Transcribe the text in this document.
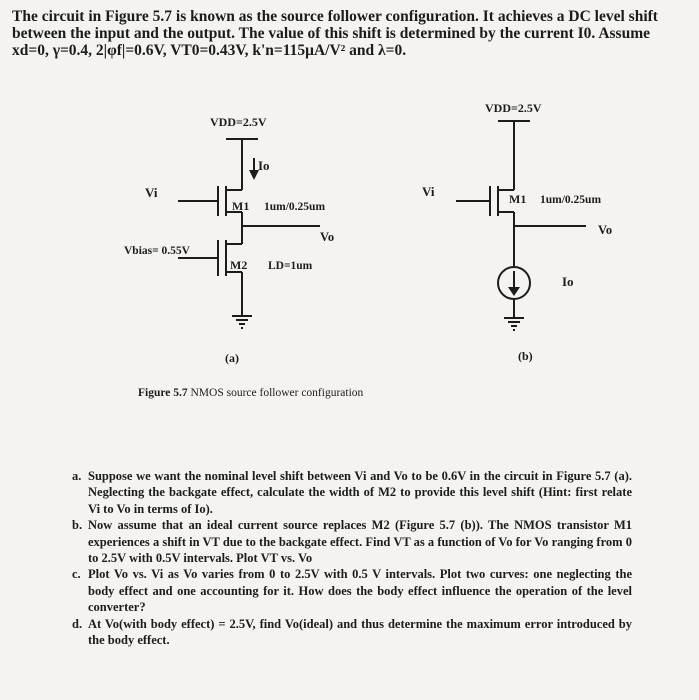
The circuit in Figure 5.7 is known as the source follower configuration. It achieves a DC level shift between the input and the output. The value of this shift is determined by the current I0. Assume xd=0, γ=0.4, 2|φf|=0.6V, VT0=0.43V, k'n=115μA/V² and λ=0.
VDD=2.5V
Io
Vi
M1 1um/0.25um
Vo
Vbias= 0.55V
M2 LD=1um
(a)
VDD=2.5V
Vi	M1 1um/0.25um
Vo
Io
(b)
Figure 5.7 NMOS source follower configuration
a. Suppose we want the nominal level shift between Vi and Vo to be 0.6V in the circuit in Figure 5.7 (a). Neglecting the backgate effect, calculate the width of M2 to provide this level shift (Hint: first relate Vi to Vo in terms of Io).
b. Now assume that an ideal current source replaces M2 (Figure 5.7 (b)). The NMOS transistor M1 experiences a shift in VT due to the backgate effect. Find VT as a function of Vo for Vo ranging from 0 to 2.5V with 0.5V intervals. Plot VT vs. Vo
c. Plot Vo vs. Vi as Vo varies from 0 to 2.5V with 0.5 V intervals. Plot two curves: one neglecting the body effect and one accounting for it. How does the body effect influence the operation of the level converter?
d. At Vo(with body effect) = 2.5V, find Vo(ideal) and thus determine the maximum error introduced by the body effect.
